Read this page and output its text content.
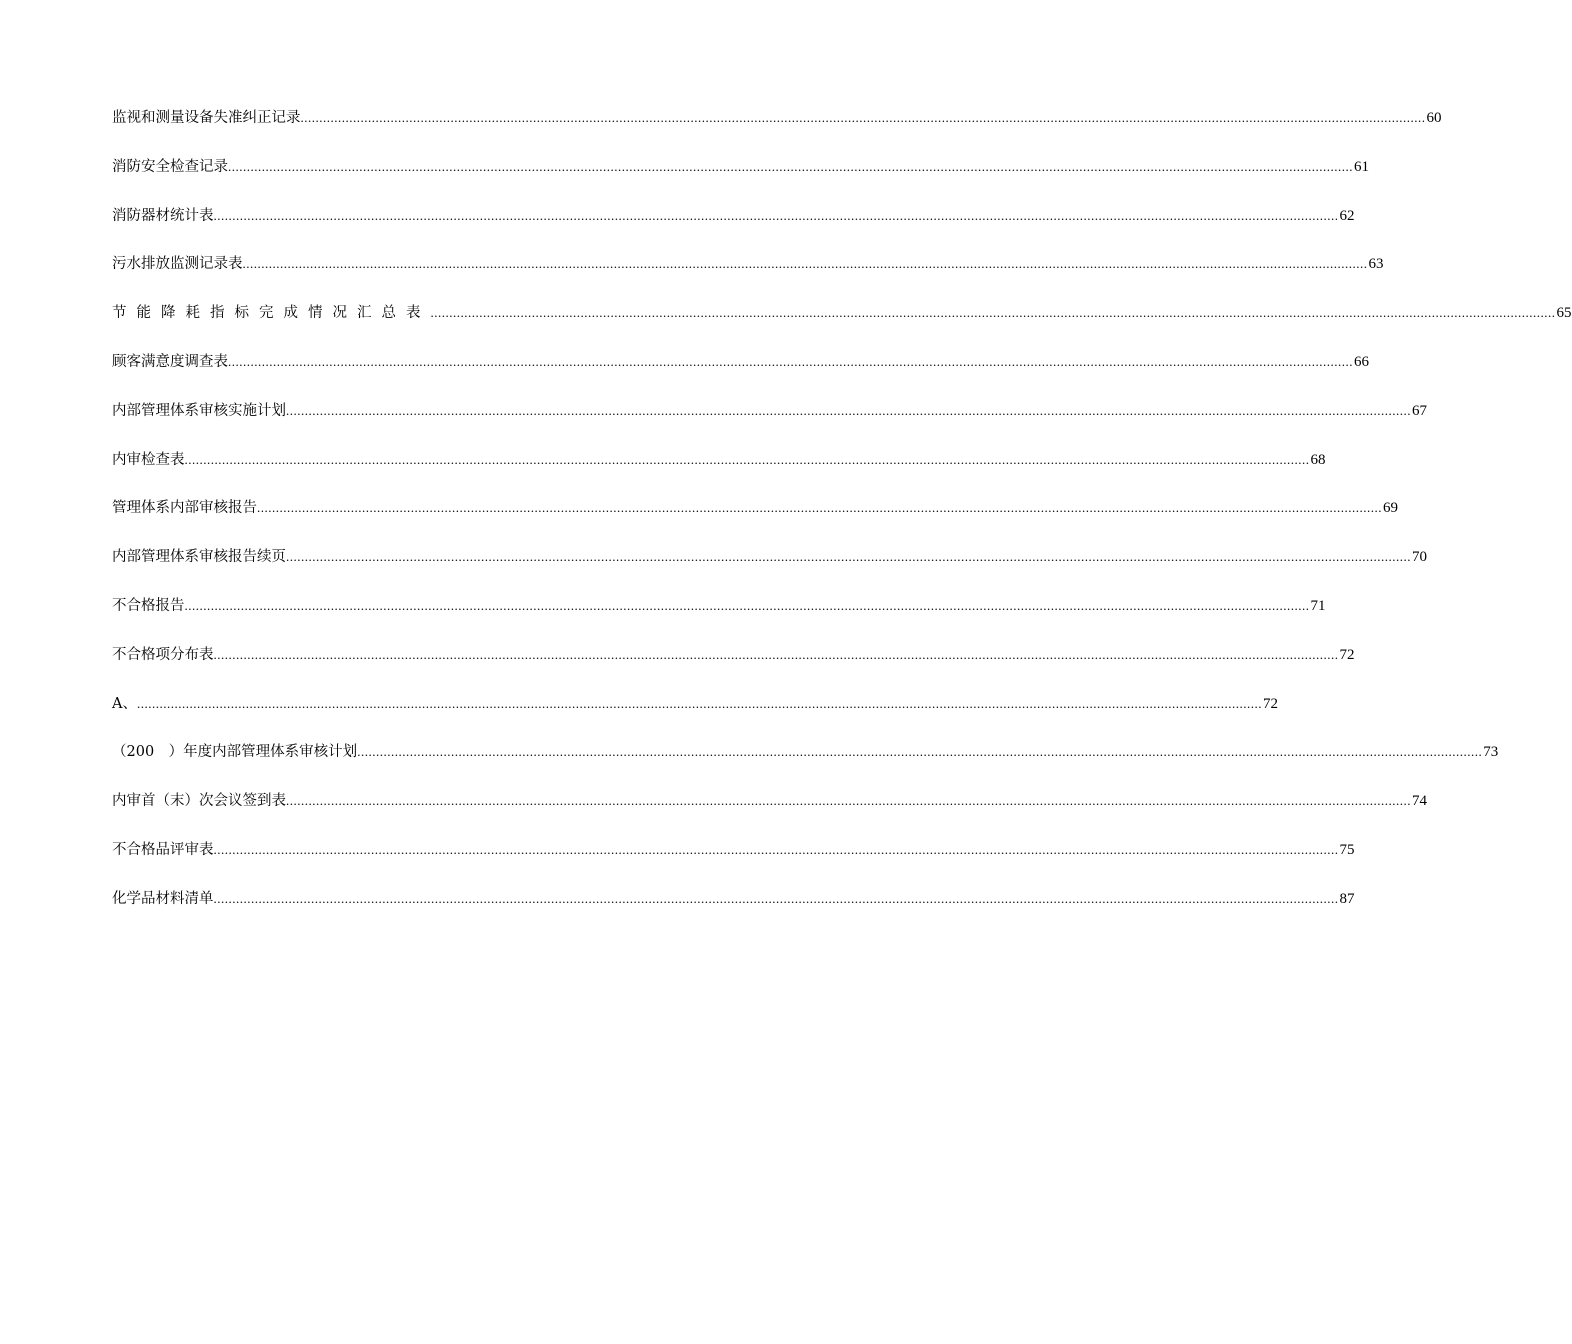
监视和测量设备失准纠正记录 ............................................................................................................................................................................................................................................................................................................ 60
消防安全检查记录 ............................................................................................................................................................................................................................................................................................................ 61
消防器材统计表 ............................................................................................................................................................................................................................................................................................................ 62
污水排放监测记录表 ............................................................................................................................................................................................................................................................................................................ 63
节能降耗指标完成情况汇总表 ............................................................................................................................................................................................................................................................................................................ 65
顾客满意度调查表 ............................................................................................................................................................................................................................................................................................................ 66
内部管理体系审核实施计划 ............................................................................................................................................................................................................................................................................................................ 67
内审检查表 ............................................................................................................................................................................................................................................................................................................ 68
管理体系内部审核报告 ............................................................................................................................................................................................................................................................................................................ 69
内部管理体系审核报告续页 ............................................................................................................................................................................................................................................................................................................ 70
不合格报告 ............................................................................................................................................................................................................................................................................................................ 71
不合格项分布表 ............................................................................................................................................................................................................................................................................................................ 72
A、 ............................................................................................................................................................................................................................................................................................................ 72
（200　）年度内部管理体系审核计划 ............................................................................................................................................................................................................................................................................................................ 73
内审首（末）次会议签到表 ............................................................................................................................................................................................................................................................................................................ 74
不合格品评审表 ............................................................................................................................................................................................................................................................................................................ 75
化学品材料清单 ............................................................................................................................................................................................................................................................................................................ 87
